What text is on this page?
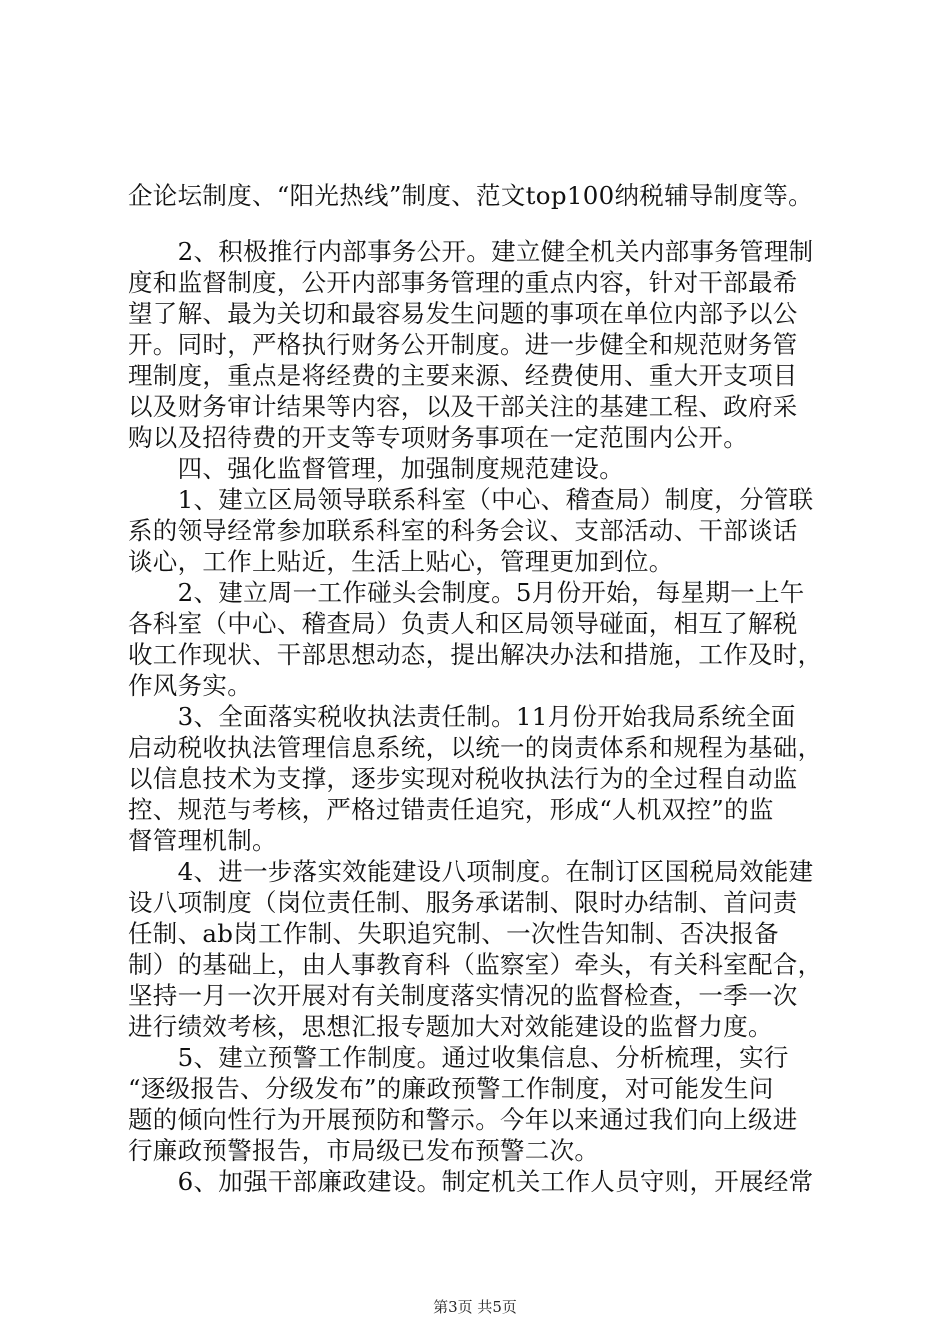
企论坛制度、“阳光热线”制度、范文top100纳税辅导制度等。
　　2、积极推行内部事务公开。建立健全机关内部事务管理制
度和监督制度，公开内部事务管理的重点内容，针对干部最希
望了解、最为关切和最容易发生问题的事项在单位内部予以公
开。同时，严格执行财务公开制度。进一步健全和规范财务管
理制度，重点是将经费的主要来源、经费使用、重大开支项目
以及财务审计结果等内容，以及干部关注的基建工程、政府采
购以及招待费的开支等专项财务事项在一定范围内公开。
　　四、强化监督管理，加强制度规范建设。
　　1、建立区局领导联系科室（中心、稽查局）制度，分管联
系的领导经常参加联系科室的科务会议、支部活动、干部谈话
谈心，工作上贴近，生活上贴心，管理更加到位。
　　2、建立周一工作碰头会制度。5月份开始，每星期一上午
各科室（中心、稽查局）负责人和区局领导碰面，相互了解税
收工作现状、干部思想动态，提出解决办法和措施，工作及时，
作风务实。
　　3、全面落实税收执法责任制。11月份开始我局系统全面
启动税收执法管理信息系统，以统一的岗责体系和规程为基础，
以信息技术为支撑，逐步实现对税收执法行为的全过程自动监
控、规范与考核，严格过错责任追究，形成“人机双控”的监
督管理机制。
　　4、进一步落实效能建设八项制度。在制订区国税局效能建
设八项制度（岗位责任制、服务承诺制、限时办结制、首问责
任制、ab岗工作制、失职追究制、一次性告知制、否决报备
制）的基础上，由人事教育科（监察室）牵头，有关科室配合，
坚持一月一次开展对有关制度落实情况的监督检查，一季一次
进行绩效考核，思想汇报专题加大对效能建设的监督力度。
　　5、建立预警工作制度。通过收集信息、分析梳理，实行
“逐级报告、分级发布”的廉政预警工作制度，对可能发生问
题的倾向性行为开展预防和警示。今年以来通过我们向上级进
行廉政预警报告，市局级已发布预警二次。
　　6、加强干部廉政建设。制定机关工作人员守则，开展经常
第3页 共5页
